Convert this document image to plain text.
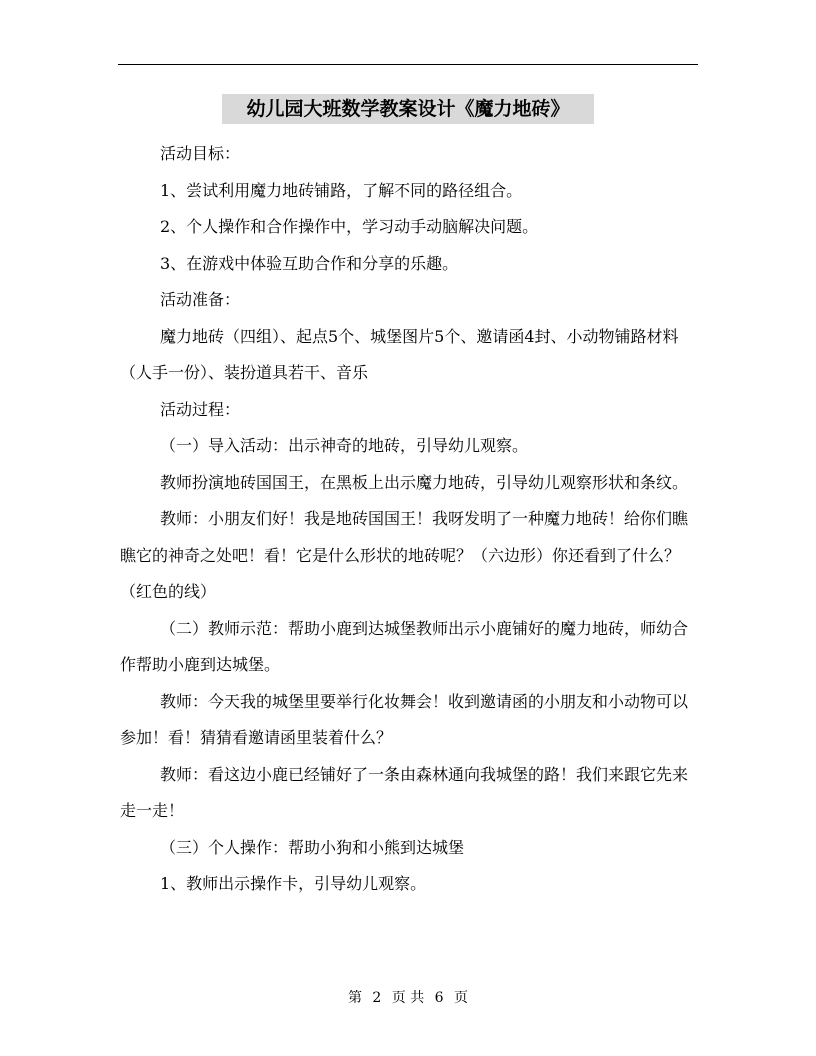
幼儿园大班数学教案设计《魔力地砖》

活动目标：

1、尝试利用魔力地砖铺路，了解不同的路径组合。

2、个人操作和合作操作中，学习动手动脑解决问题。

3、在游戏中体验互助合作和分享的乐趣。

活动准备：

魔力地砖（四组）、起点5个、城堡图片5个、邀请函4封、小动物铺路材料（人手一份）、装扮道具若干、音乐

活动过程：

（一）导入活动：出示神奇的地砖，引导幼儿观察。

教师扮演地砖国国王，在黑板上出示魔力地砖，引导幼儿观察形状和条纹。

教师：小朋友们好！我是地砖国国王！我呀发明了一种魔力地砖！给你们瞧瞧它的神奇之处吧！看！它是什么形状的地砖呢？（六边形）你还看到了什么？（红色的线）

（二）教师示范：帮助小鹿到达城堡教师出示小鹿铺好的魔力地砖，师幼合作帮助小鹿到达城堡。

教师：今天我的城堡里要举行化妆舞会！收到邀请函的小朋友和小动物可以参加！看！猜猜看邀请函里装着什么？

教师：看这边小鹿已经铺好了一条由森林通向我城堡的路！我们来跟它先来走一走！

（三）个人操作：帮助小狗和小熊到达城堡

1、教师出示操作卡，引导幼儿观察。

第 2 页 共 6 页
